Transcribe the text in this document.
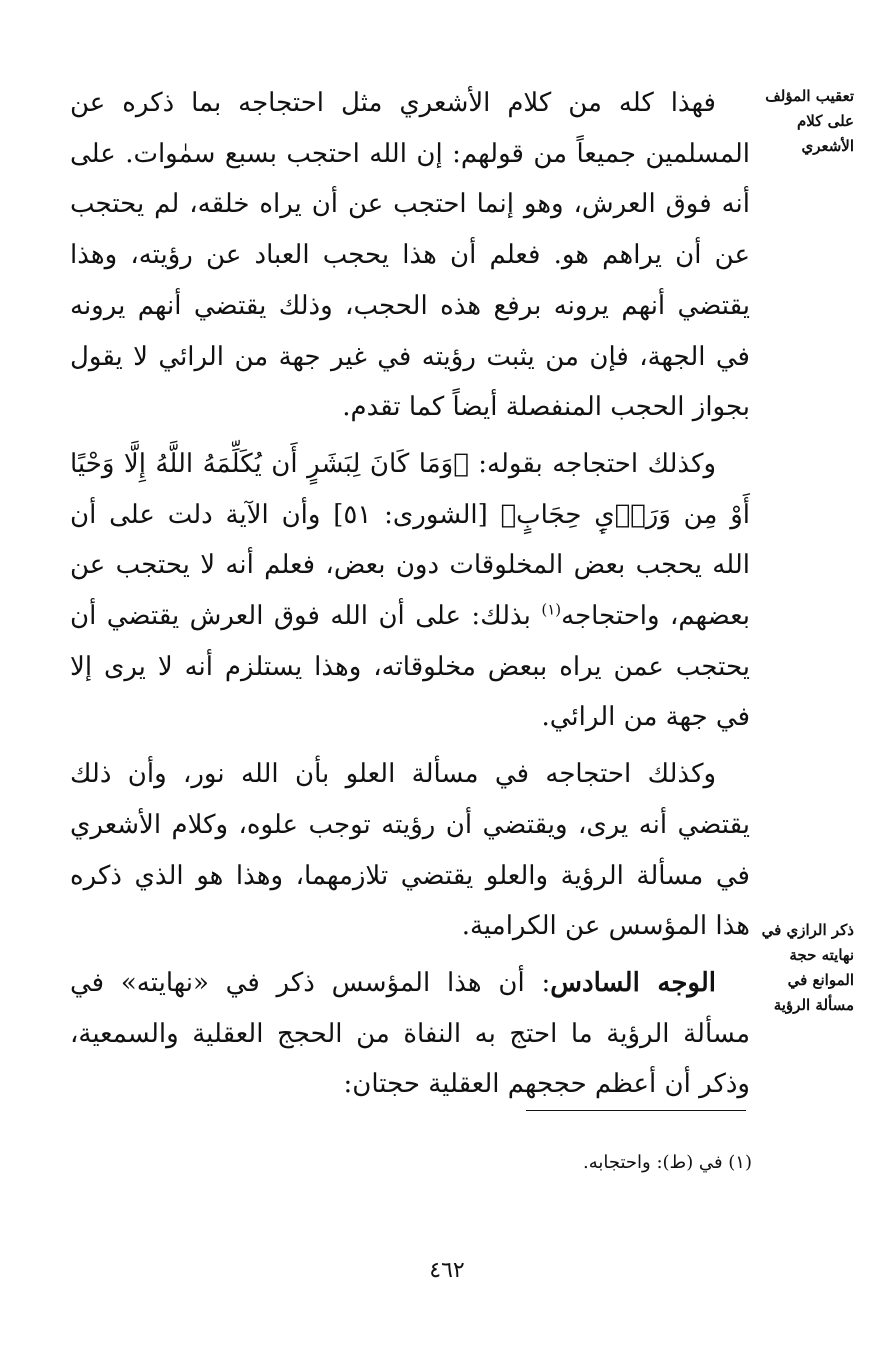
تعقيب المؤلف على كلام الأشعري
ذكر الرازي في نهايته حجة الموانع في مسألة الرؤية

فهذا كله من كلام الأشعري مثل احتجاجه بما ذكره عن المسلمين جميعاً من قولهم: إن الله احتجب بسبع سمٰوات. على أنه فوق العرش، وهو إنما احتجب عن أن يراه خلقه، لم يحتجب عن أن يراهم هو. فعلم أن هذا يحجب العباد عن رؤيته، وهذا يقتضي أنهم يرونه برفع هذه الحجب، وذلك يقتضي أنهم يرونه في الجهة، فإن من يثبت رؤيته في غير جهة من الرائي لا يقول بجواز الحجب المنفصلة أيضاً كما تقدم.

وكذلك احتجاجه بقوله: ﴿وَمَا كَانَ لِبَشَرٍ أَن يُكَلِّمَهُ اللَّهُ إِلَّا وَحْيًا أَوْ مِن وَرَاۤىِٕ حِجَابٍ﴾ [الشورى: ٥١] وأن الآية دلت على أن الله يحجب بعض المخلوقات دون بعض، فعلم أنه لا يحتجب عن بعضهم، واحتجاجه$^{(١)}$ بذلك: على أن الله فوق العرش يقتضي أن يحتجب عمن يراه ببعض مخلوقاته، وهذا يستلزم أنه لا يرى إلا في جهة من الرائي.

وكذلك احتجاجه في مسألة العلو بأن الله نور، وأن ذلك يقتضي أنه يرى، ويقتضي أن رؤيته توجب علوه، وكلام الأشعري في مسألة الرؤية والعلو يقتضي تلازمهما، وهذا هو الذي ذكره هذا المؤسس عن الكرامية.

الوجه السادس: أن هذا المؤسس ذكر في «نهايته» في مسألة الرؤية ما احتج به النفاة من الحجج العقلية والسمعية، وذكر أن أعظم حججهم العقلية حجتان:

(١) في (ط): واحتجابه.
٤٦٢
